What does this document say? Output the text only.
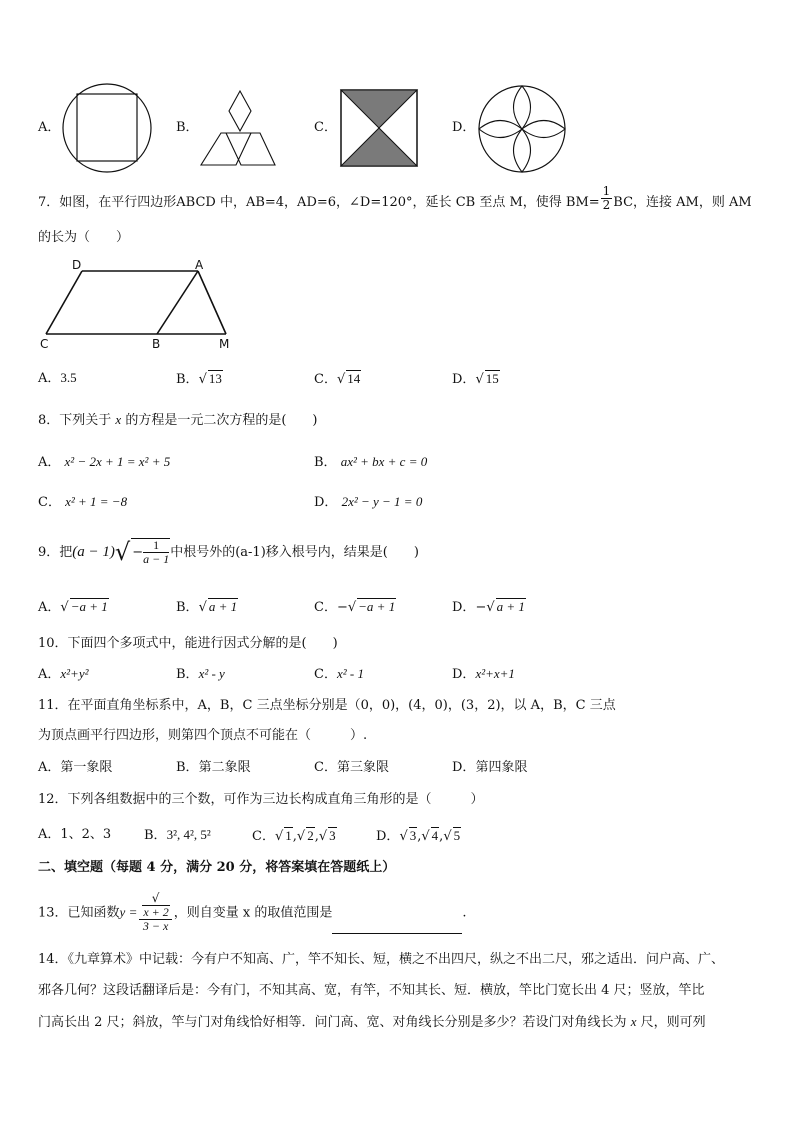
A．	B．	C．	D．
7．如图，在平行四边形ABCD 中，AB=4，AD=6，∠D=120°，延长 CB 至点 M，使得 $BM= \frac{1}{2}$ BC，连接 AM，则 AM
的长为（　　）
D	A
C	B	M
A．3.5	B．√ 13	C．√ 14	D．√ 15
8．下列关于 x 的方程是一元二次方程的是(　　)
A． x² − 2x + 1 = x² + 5	B． ax² + bx + c = 0
C． x² + 1 = −8	D． 2x² − y − 1 = 0
9．把$(a - 1)√ - \frac{1}{a - 1}$ 中根号外的(a-1)移入根号内，结果是(　　)
A．√ −a + 1	B．√ a + 1	C．−√ −a + 1	D．−√ a + 1
10．下面四个多项式中，能进行因式分解的是(　　)
A．x²+y²	B．x² - y	C．x² - 1	D．x²+x+1
11．在平面直角坐标系中，A，B，C 三点坐标分别是（0，0)，(4，0)，(3，2)，以 A，B，C 三点
为顶点画平行四边形，则第四个顶点不可能在（　　　）.
A．第一象限	B．第二象限	C．第三象限	D．第四象限
12．下列各组数据中的三个数，可作为三边长构成直角三角形的是（　　　）
A．1、2、3	B．3², 4², 5²	C．√ 1,√ 2,√ 3	D．√ 3,√ 4,√ 5
二、填空题（每题 4 分，满分 20 分，将答案填在答题纸上）
13．已知函数y = √
x + 2
3 − x ，则自变量 x 的取值范围是	.
14．《九章算术》中记载：今有户不知高、广，竿不知长、短，横之不出四尺，纵之不出二尺，邪之适出．问户高、广、
邪各几何？这段话翻译后是：今有门，不知其高、宽，有竿，不知其长、短．横放，竿比门宽长出 4 尺；竖放，竿比
门高长出 2 尺；斜放，竿与门对角线恰好相等．问门高、宽、对角线长分别是多少？若设门对角线长为 x 尺，则可列
